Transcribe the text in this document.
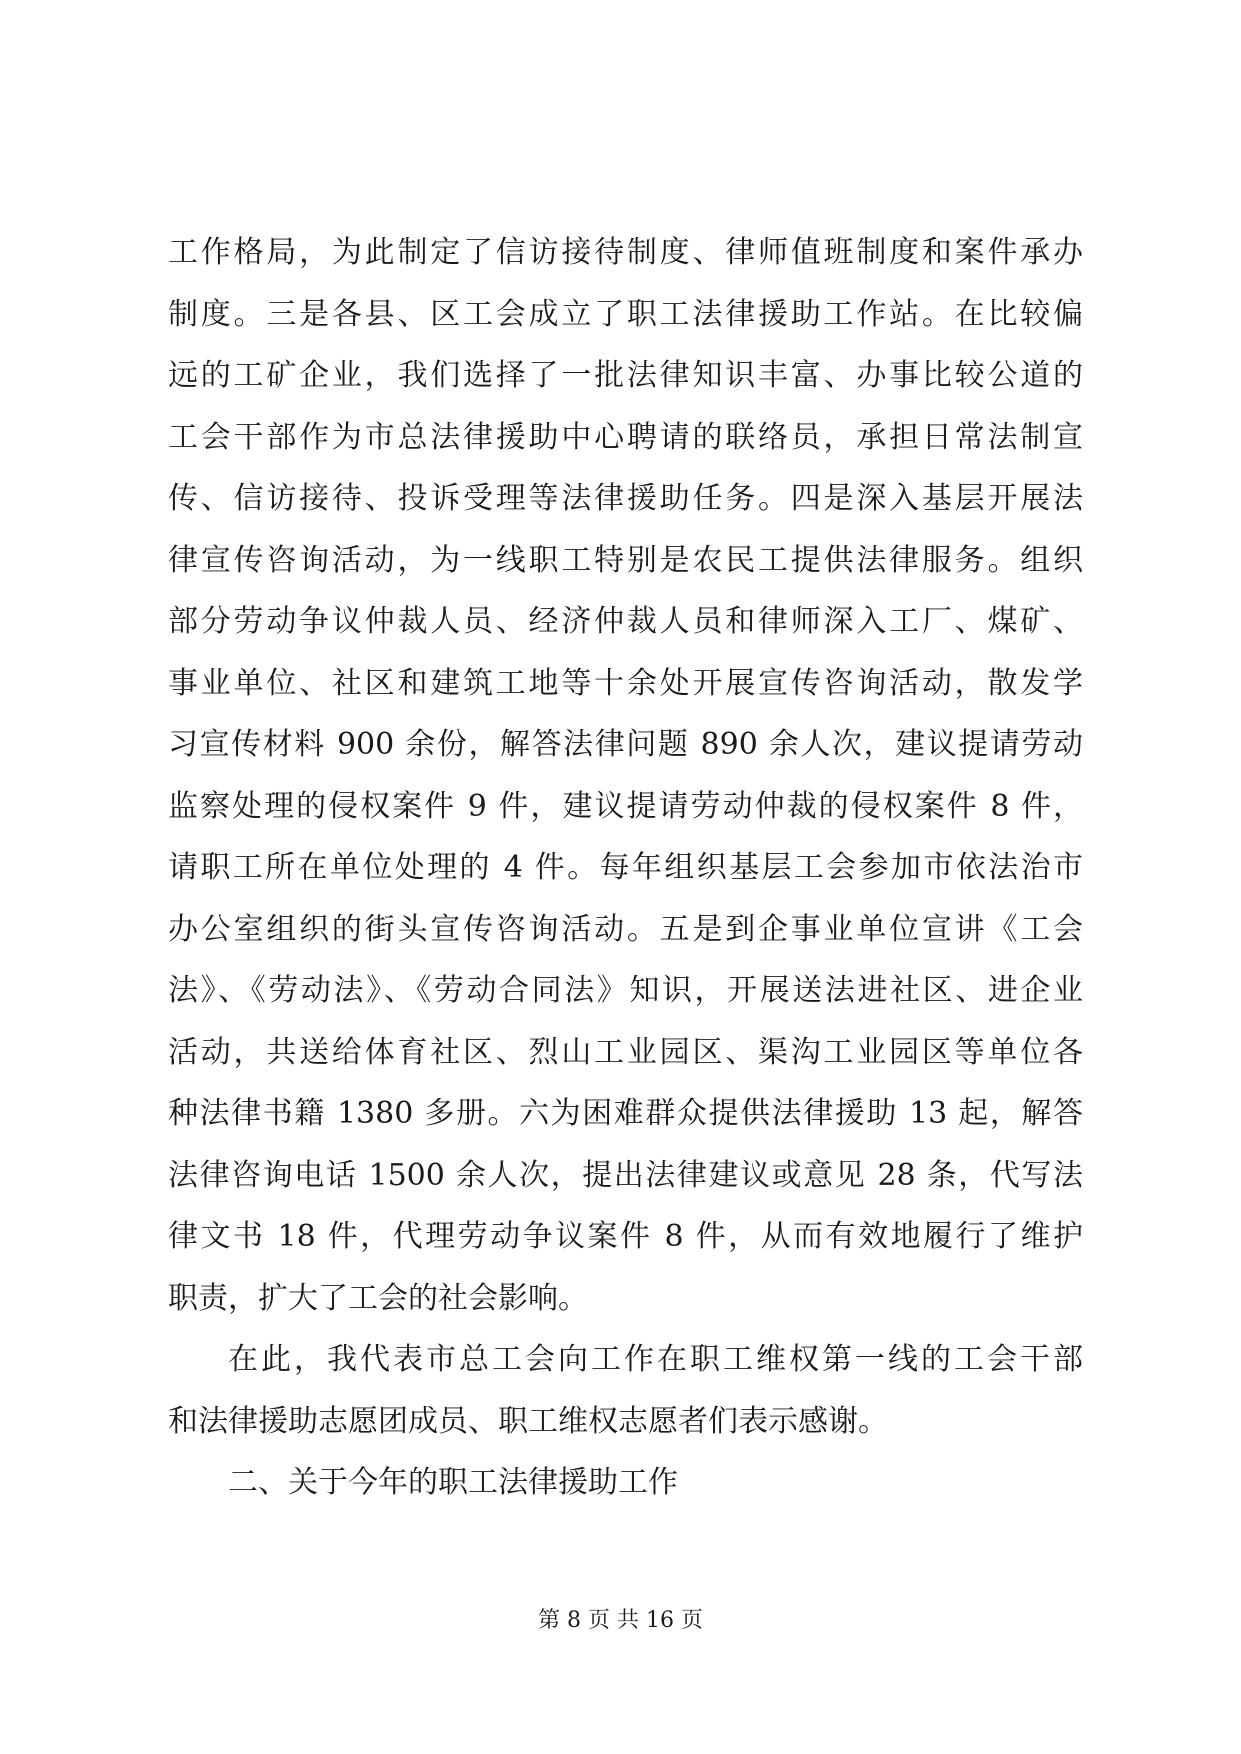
工作格局，为此制定了信访接待制度、律师值班制度和案件承办
制度。三是各县、区工会成立了职工法律援助工作站。在比较偏
远的工矿企业，我们选择了一批法律知识丰富、办事比较公道的
工会干部作为市总法律援助中心聘请的联络员，承担日常法制宣
传、信访接待、投诉受理等法律援助任务。四是深入基层开展法
律宣传咨询活动，为一线职工特别是农民工提供法律服务。组织
部分劳动争议仲裁人员、经济仲裁人员和律师深入工厂、煤矿、
事业单位、社区和建筑工地等十余处开展宣传咨询活动，散发学
习宣传材料 900 余份，解答法律问题 890 余人次，建议提请劳动
监察处理的侵权案件 9 件，建议提请劳动仲裁的侵权案件 8 件，
请职工所在单位处理的 4 件。每年组织基层工会参加市依法治市
办公室组织的街头宣传咨询活动。五是到企事业单位宣讲《工会
法》、《劳动法》、《劳动合同法》知识，开展送法进社区、进企业
活动，共送给体育社区、烈山工业园区、渠沟工业园区等单位各
种法律书籍 1380 多册。六为困难群众提供法律援助 13 起，解答
法律咨询电话 1500 余人次，提出法律建议或意见 28 条，代写法
律文书 18 件，代理劳动争议案件 8 件，从而有效地履行了维护
职责，扩大了工会的社会影响。
在此，我代表市总工会向工作在职工维权第一线的工会干部
和法律援助志愿团成员、职工维权志愿者们表示感谢。
二、关于今年的职工法律援助工作
第 8 页 共 16 页
